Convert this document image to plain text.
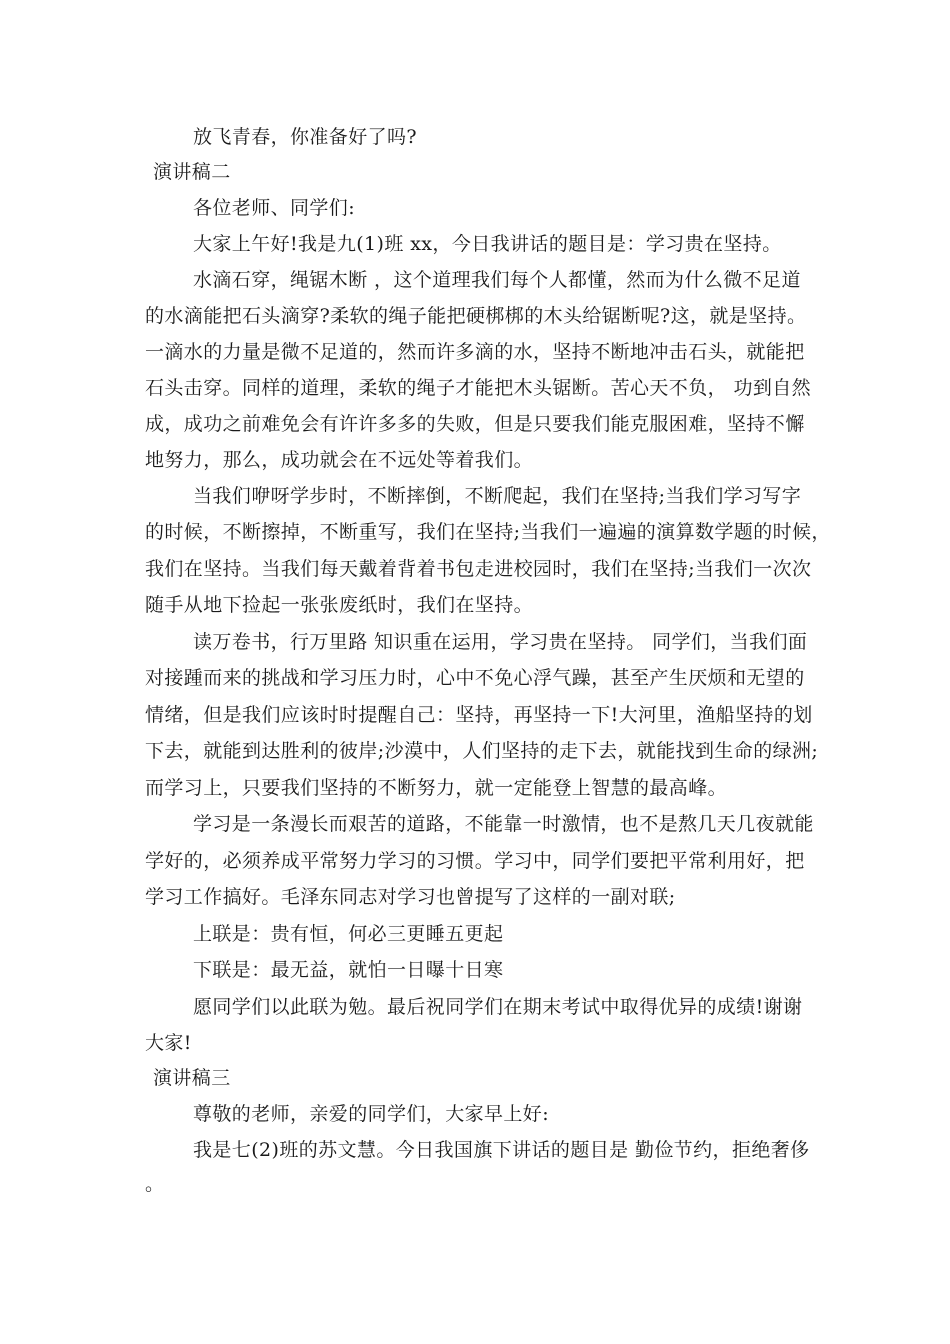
放飞青春，你准备好了吗?
演讲稿二
各位老师、同学们:
大家上午好!我是九(1)班 xx，今日我讲话的题目是：学习贵在坚持。
水滴石穿，绳锯木断 ，这个道理我们每个人都懂，然而为什么微不足道
的水滴能把石头滴穿?柔软的绳子能把硬梆梆的木头给锯断呢?这，就是坚持。
一滴水的力量是微不足道的，然而许多滴的水，坚持不断地冲击石头，就能把
石头击穿。同样的道理，柔软的绳子才能把木头锯断。苦心天不负， 功到自然
成，成功之前难免会有许许多多的失败，但是只要我们能克服困难，坚持不懈
地努力，那么，成功就会在不远处等着我们。
当我们咿呀学步时，不断摔倒，不断爬起，我们在坚持;当我们学习写字
的时候，不断擦掉，不断重写，我们在坚持;当我们一遍遍的演算数学题的时候，
我们在坚持。当我们每天戴着背着书包走进校园时，我们在坚持;当我们一次次
随手从地下捡起一张张废纸时，我们在坚持。
读万卷书，行万里路 知识重在运用，学习贵在坚持。 同学们，当我们面
对接踵而来的挑战和学习压力时，心中不免心浮气躁，甚至产生厌烦和无望的
情绪，但是我们应该时时提醒自己：坚持，再坚持一下!大河里，渔船坚持的划
下去，就能到达胜利的彼岸;沙漠中，人们坚持的走下去，就能找到生命的绿洲;
而学习上，只要我们坚持的不断努力，就一定能登上智慧的最高峰。
学习是一条漫长而艰苦的道路，不能靠一时激情，也不是熬几天几夜就能
学好的，必须养成平常努力学习的习惯。学习中，同学们要把平常利用好，把
学习工作搞好。毛泽东同志对学习也曾提写了这样的一副对联;
上联是：贵有恒，何必三更睡五更起
下联是：最无益，就怕一日曝十日寒
愿同学们以此联为勉。最后祝同学们在期末考试中取得优异的成绩!谢谢
大家!
演讲稿三
尊敬的老师，亲爱的同学们，大家早上好:
我是七(2)班的苏文慧。今日我国旗下讲话的题目是 勤俭节约，拒绝奢侈
。
